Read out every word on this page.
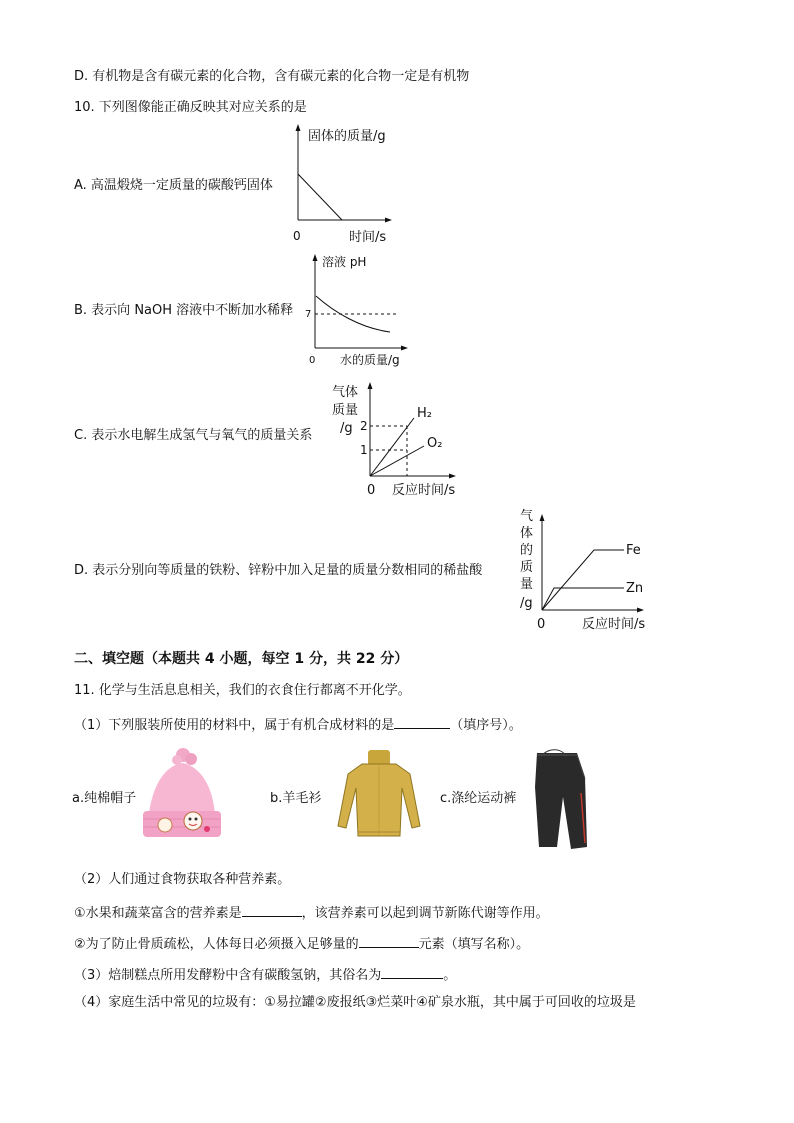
D. 有机物是含有碳元素的化合物，含有碳元素的化合物一定是有机物
10. 下列图像能正确反映其对应关系的是
A. 高温煅烧一定质量的碳酸钙固体
固体的质量/g
0	时间/s
B. 表示向 NaOH 溶液中不断加水稀释 7
溶液 pH
0 水的质量/g
C. 表示水电解生成氢气与氧气的质量关系
气体
质量
/g 2
1
H₂
O₂
0 反应时间/s
D. 表示分别向等质量的铁粉、锌粉中加入足量的质量分数相同的稀盐酸
气
体
的
质
量
/g
Fe
Zn
0	反应时间/s
二、填空题（本题共 4 小题，每空 1 分，共 22 分）
11. 化学与生活息息相关，我们的衣食住行都离不开化学。
（1）下列服装所使用的材料中，属于有机合成材料的是	（填序号）。
a.纯棉帽子	b.羊毛衫	c.涤纶运动裤
（2）人们通过食物获取各种营养素。
①水果和蔬菜富含的营养素是	，该营养素可以起到调节新陈代谢等作用。
②为了防止骨质疏松，人体每日必须摄入足够量的	元素（填写名称）。
（3）焙制糕点所用发酵粉中含有碳酸氢钠，其俗名为	。
（4）家庭生活中常见的垃圾有：①易拉罐②废报纸③烂菜叶④矿泉水瓶，其中属于可回收的垃圾是
